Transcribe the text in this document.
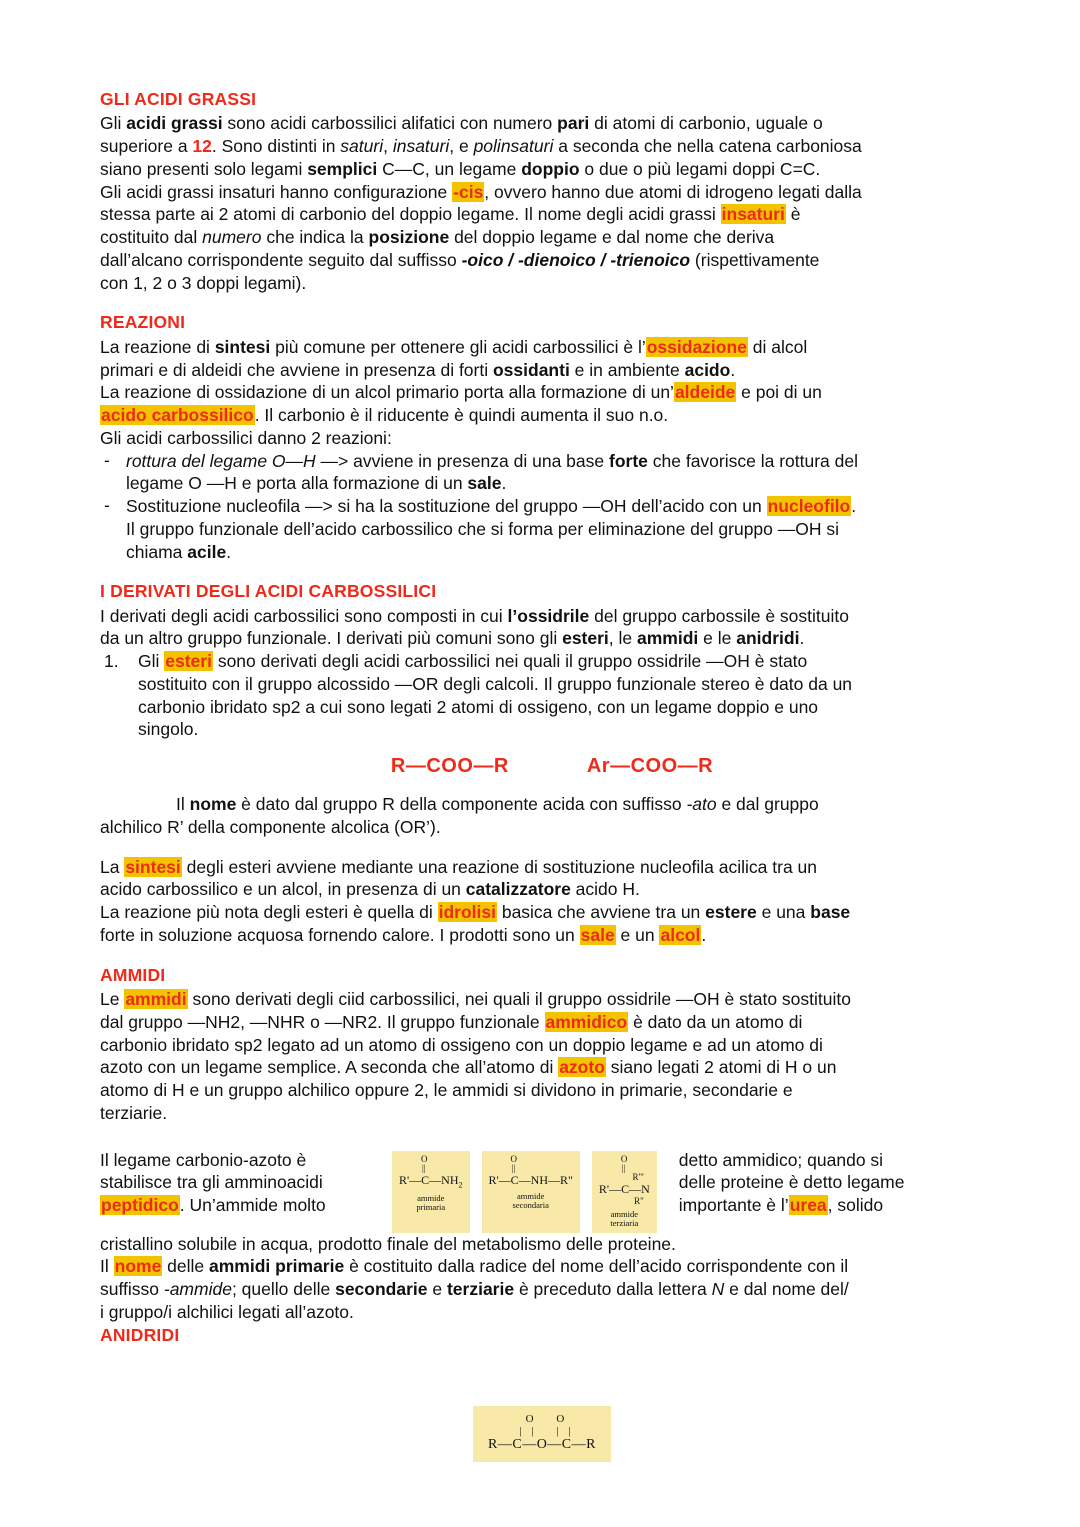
GLI ACIDI GRASSI
Gli acidi grassi sono acidi carbossilici alifatici con numero pari di atomi di carbonio, uguale o
superiore a 12. Sono distinti in saturi, insaturi, e polinsaturi a seconda che nella catena carboniosa
siano presenti solo legami semplici C—C, un legame doppio o due o più legami doppi C=C.
Gli acidi grassi insaturi hanno configurazione -cis, ovvero hanno due atomi di idrogeno legati dalla
stessa parte ai 2 atomi di carbonio del doppio legame. Il nome degli acidi grassi insaturi è
costituito dal numero che indica la posizione del doppio legame e dal nome che deriva
dall’alcano corrispondente seguito dal suffisso -oico / -dienoico / -trienoico (rispettivamente
con 1, 2 o 3 doppi legami).
REAZIONI
La reazione di sintesi più comune per ottenere gli acidi carbossilici è l’ossidazione di alcol
primari e di aldeidi che avviene in presenza di forti ossidanti e in ambiente acido.
La reazione di ossidazione di un alcol primario porta alla formazione di un’aldeide e poi di un
acido carbossilico. Il carbonio è il riducente è quindi aumenta il suo n.o.
Gli acidi carbossilici danno 2 reazioni:
- rottura del legame O—H —> avviene in presenza di una base forte che favorisce la rottura del
legame O —H e porta alla formazione di un sale.
- Sostituzione nucleofila —> si ha la sostituzione del gruppo —OH dell’acido con un nucleofilo.
Il gruppo funzionale dell’acido carbossilico che si forma per eliminazione del gruppo —OH si
chiama acile.
I DERIVATI DEGLI ACIDI CARBOSSILICI
I derivati degli acidi carbossilici sono composti in cui l’ossidrile del gruppo carbossile è sostituito
da un altro gruppo funzionale. I derivati più comuni sono gli esteri, le ammidi e le anidridi.
1. Gli esteri sono derivati degli acidi carbossilici nei quali il gruppo ossidrile —OH è stato
sostituito con il gruppo alcossido —OR degli calcoli. Il gruppo funzionale stereo è dato da un
carbonio ibridato sp2 a cui sono legati 2 atomi di ossigeno, con un legame doppio e uno
singolo.
R—COO—R	Ar—COO—R
Il nome è dato dal gruppo R della componente acida con suffisso -ato e dal gruppo
alchilico R’ della componente alcolica (OR’).
La sintesi degli esteri avviene mediante una reazione di sostituzione nucleofila acilica tra un
acido carbossilico e un alcol, in presenza di un catalizzatore acido H.
La reazione più nota degli esteri è quella di idrolisi basica che avviene tra un estere e una base
forte in soluzione acquosa fornendo calore. I prodotti sono un sale e un alcol.
AMMIDI
Le ammidi sono derivati degli ciid carbossilici, nei quali il gruppo ossidrile —OH è stato sostituito
dal gruppo —NH2, —NHR o —NR2. Il gruppo funzionale ammidico è dato da un atomo di
carbonio ibridato sp2 legato ad un atomo di ossigeno con un doppio legame e ad un atomo di
azoto con un legame semplice. A seconda che all’atomo di azoto siano legati 2 atomi di H o un
atomo di H e un gruppo alchilico oppure 2, le ammidi si dividono in primarie, secondarie e
terziarie.
Il legame carbonio-azoto è
stabilisce tra gli amminoacidi
peptidico. Un’ammide molto
O
||
$R'—C—NH_2$
ammide
primaria
O
||
R'—C—NH—R"
ammide
secondaria
O
||
R"'
R'—C—N
R"
ammide
terziaria
detto ammidico; quando si
delle proteine è detto legame
importante è l’urea, solido
cristallino solubile in acqua, prodotto finale del metabolismo delle proteine.
Il nome delle ammidi primarie è costituito dalla radice del nome dell’acido corrispondente con il
suffisso -ammide; quello delle secondarie e terziarie è preceduto dalla lettera N e dal nome del/
i gruppo/i alchilici legati all’azoto.
ANIDRIDI
O O
|| ||
R—C—O—C—R
